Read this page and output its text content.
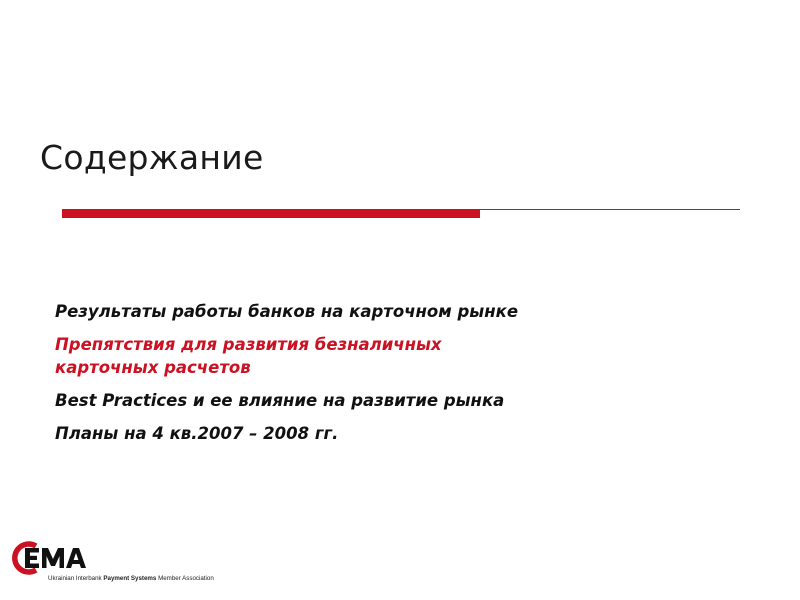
Содержание
Результаты работы банков на карточном рынке
Препятствия для развития безналичных карточных расчетов
Best Practices и ее влияние на развитие рынка
Планы на 4 кв.2007 – 2008 гг.
Ukrainian Interbank Payment Systems Member Association
